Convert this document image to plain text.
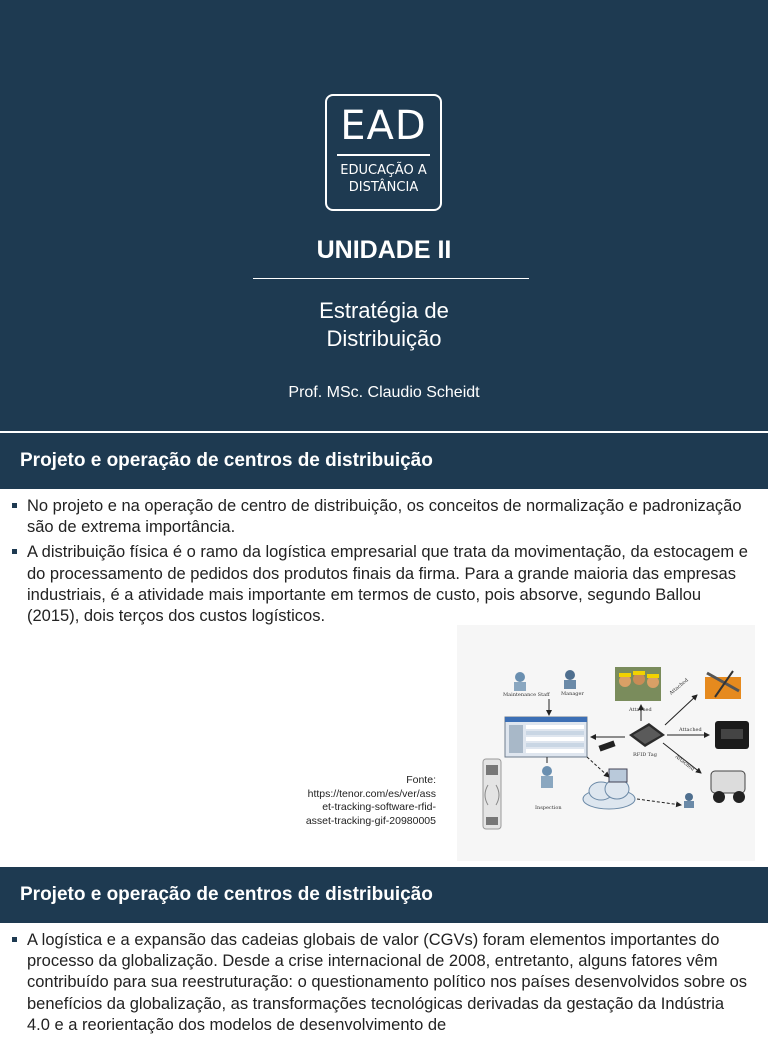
EAD
EDUCAÇÃO A
DISTÂNCIA
UNIDADE II
Estratégia de
Distribuição
Prof. MSc. Claudio Scheidt
Projeto e operação de centros de distribuição
No projeto e na operação de centro de distribuição, os conceitos de normalização e padronização são de extrema importância.
A distribuição física é o ramo da logística empresarial que trata da movimentação, da estocagem e do processamento de pedidos dos produtos finais da firma. Para a grande maioria das empresas industriais, é a atividade mais importante em termos de custo, pois absorve, segundo Ballou (2015), dois terços dos custos logísticos.
Fonte:
https://tenor.com/es/ver/ass
et-tracking-software-rfid-
asset-tracking-gif-20980005
Maintenance Staff Manager
Attached
RFID Tag
Attached
Attached
Attached
Inspection
Projeto e operação de centros de distribuição
A logística e a expansão das cadeias globais de valor (CGVs) foram elementos importantes do processo da globalização. Desde a crise internacional de 2008, entretanto, alguns fatores vêm contribuído para sua reestruturação: o questionamento político nos países desenvolvidos sobre os benefícios da globalização, as transformações tecnológicas derivadas da gestação da Indústria 4.0 e a reorientação dos modelos de desenvolvimento de
